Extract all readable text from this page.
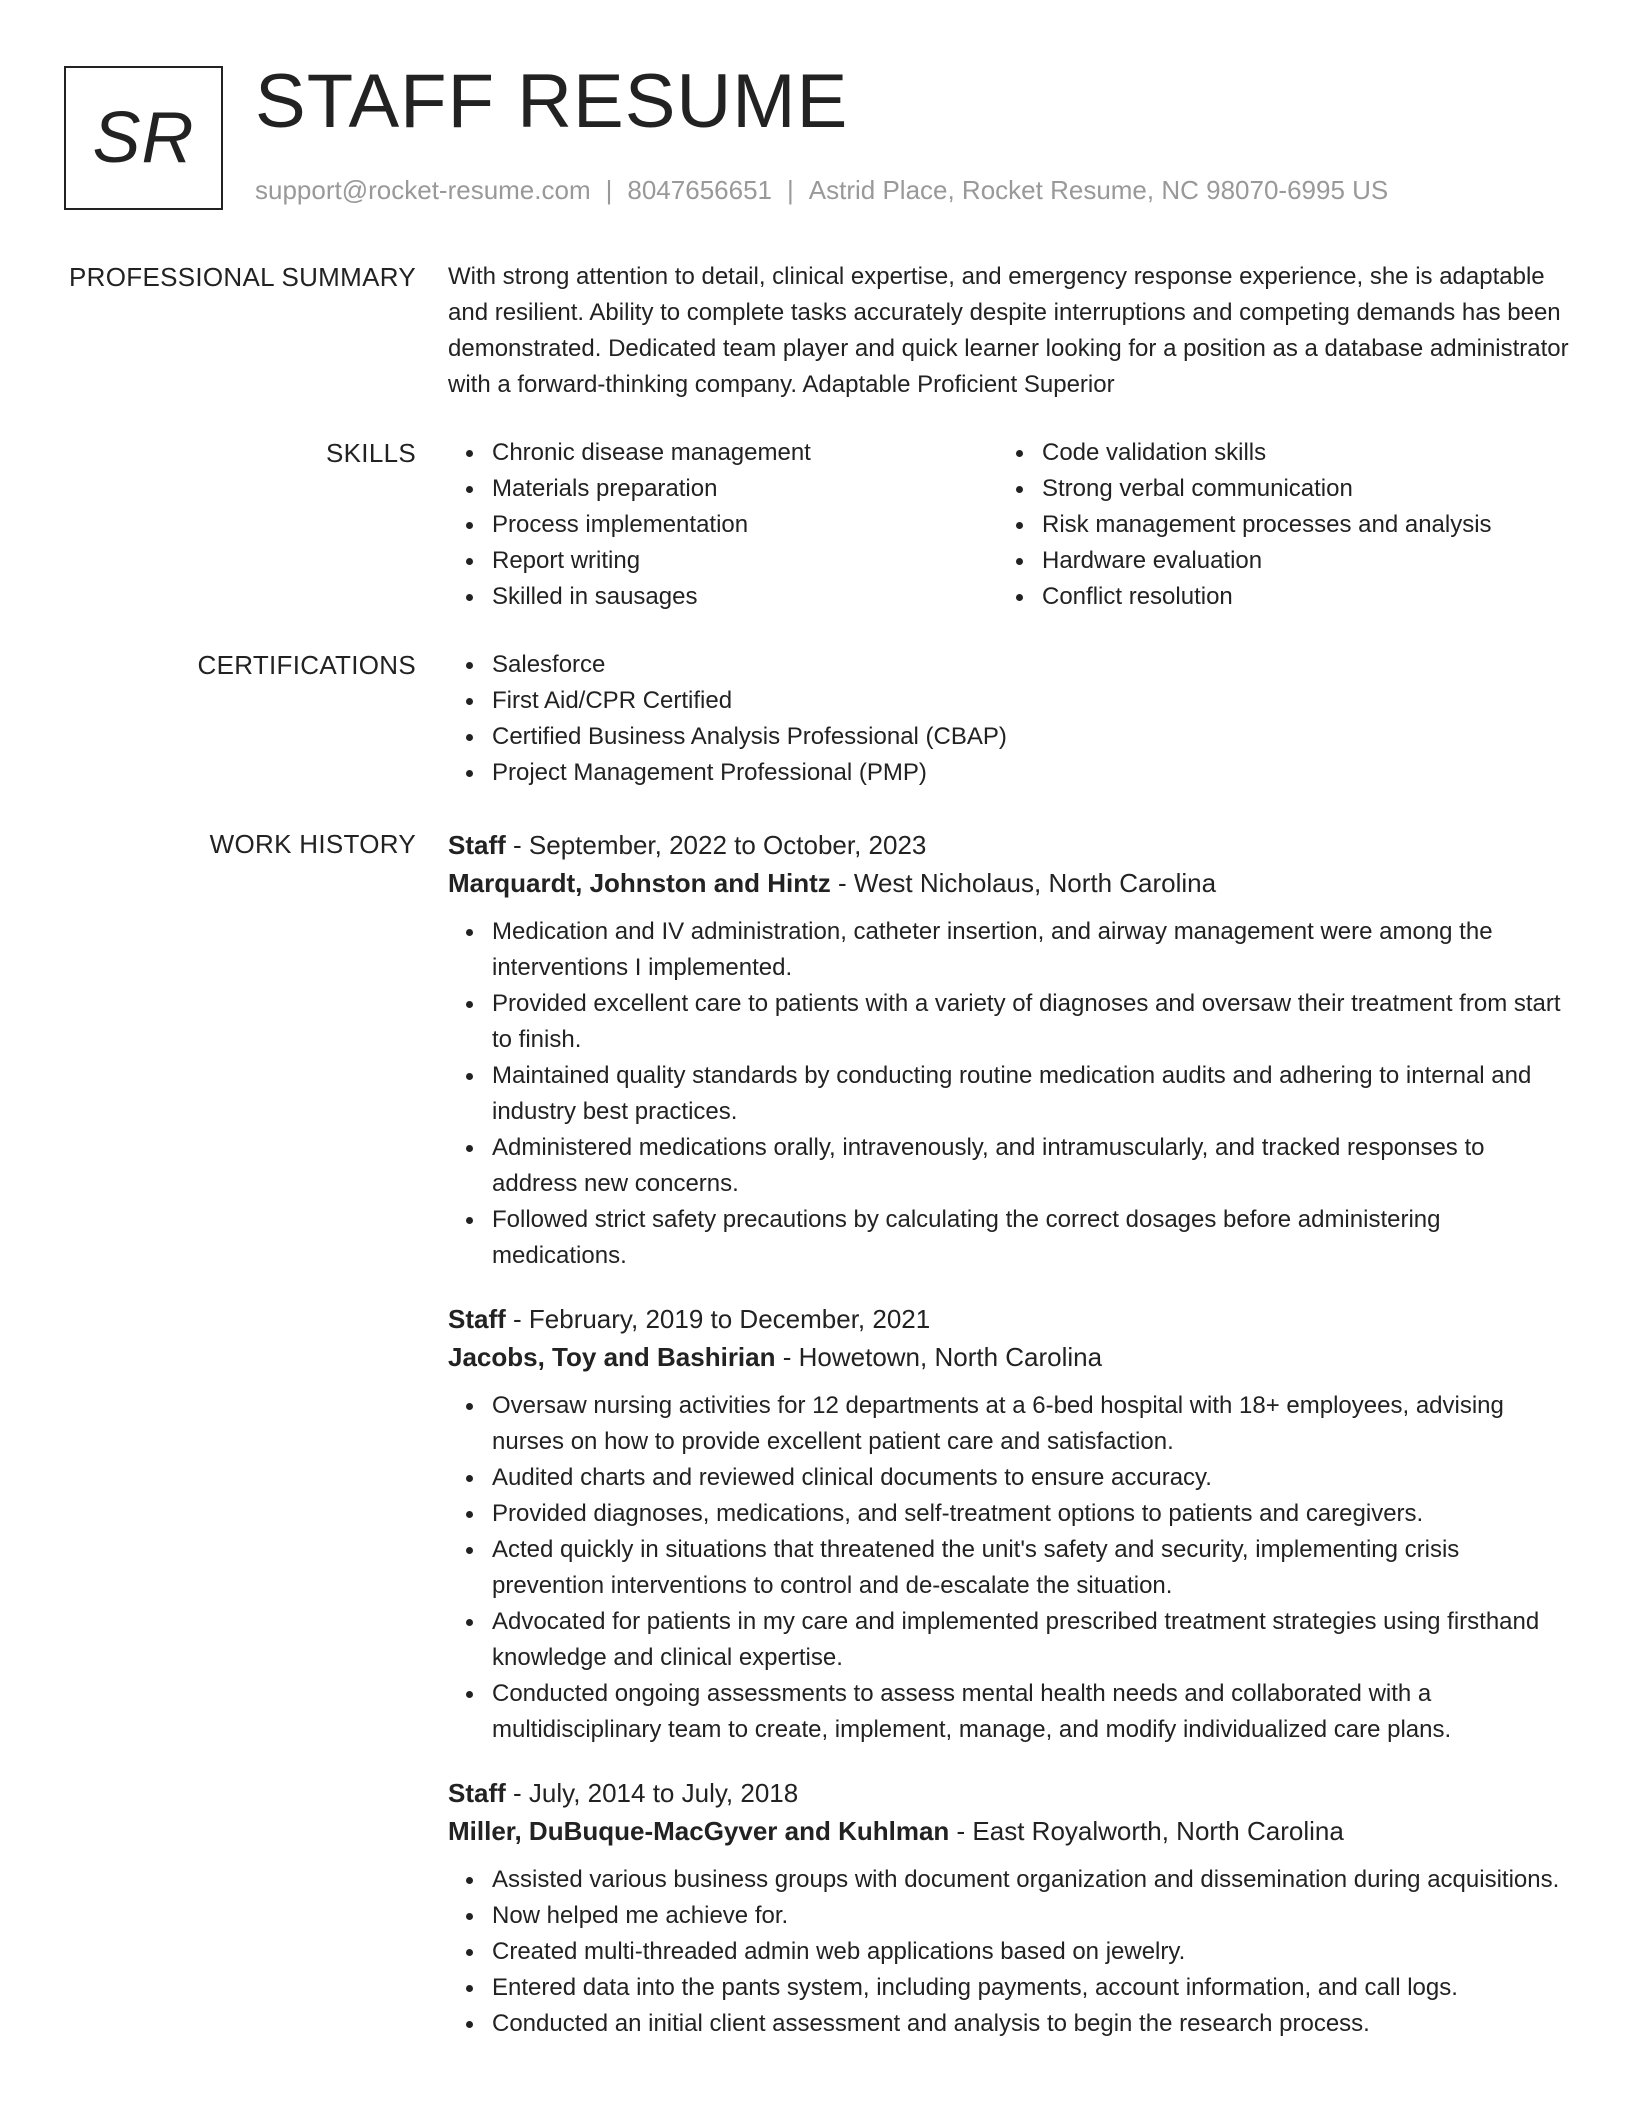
SR STAFF RESUME
support@rocket-resume.com | 8047656651 | Astrid Place, Rocket Resume, NC 98070-6995 US
PROFESSIONAL SUMMARY With strong attention to detail, clinical expertise, and emergency response experience, she is adaptable and resilient. Ability to complete tasks accurately despite interruptions and competing demands has been demonstrated. Dedicated team player and quick learner looking for a position as a database administrator with a forward-thinking company. Adaptable Proficient Superior
SKILLS	Chronic disease management
Materials preparation
Process implementation
Report writing
Skilled in sausages
Code validation skills
Strong verbal communication
Risk management processes and analysis
Hardware evaluation
Conflict resolution
CERTIFICATIONS	Salesforce
First Aid/CPR Certified
Certified Business Analysis Professional (CBAP)
Project Management Professional (PMP)
WORK HISTORY Staff - September, 2022 to October, 2023
Marquardt, Johnston and Hintz - West Nicholaus, North Carolina
Medication and IV administration, catheter insertion, and airway management were among the interventions I implemented.
Provided excellent care to patients with a variety of diagnoses and oversaw their treatment from start to finish.
Maintained quality standards by conducting routine medication audits and adhering to internal and industry best practices.
Administered medications orally, intravenously, and intramuscularly, and tracked responses to address new concerns.
Followed strict safety precautions by calculating the correct dosages before administering medications.
Staff - February, 2019 to December, 2021
Jacobs, Toy and Bashirian - Howetown, North Carolina
Oversaw nursing activities for 12 departments at a 6-bed hospital with 18+ employees, advising nurses on how to provide excellent patient care and satisfaction.
Audited charts and reviewed clinical documents to ensure accuracy.
Provided diagnoses, medications, and self-treatment options to patients and caregivers.
Acted quickly in situations that threatened the unit's safety and security, implementing crisis prevention interventions to control and de-escalate the situation.
Advocated for patients in my care and implemented prescribed treatment strategies using firsthand knowledge and clinical expertise.
Conducted ongoing assessments to assess mental health needs and collaborated with a multidisciplinary team to create, implement, manage, and modify individualized care plans.
Staff - July, 2014 to July, 2018
Miller, DuBuque-MacGyver and Kuhlman - East Royalworth, North Carolina
Assisted various business groups with document organization and dissemination during acquisitions.
Now helped me achieve for.
Created multi-threaded admin web applications based on jewelry.
Entered data into the pants system, including payments, account information, and call logs.
Conducted an initial client assessment and analysis to begin the research process.
